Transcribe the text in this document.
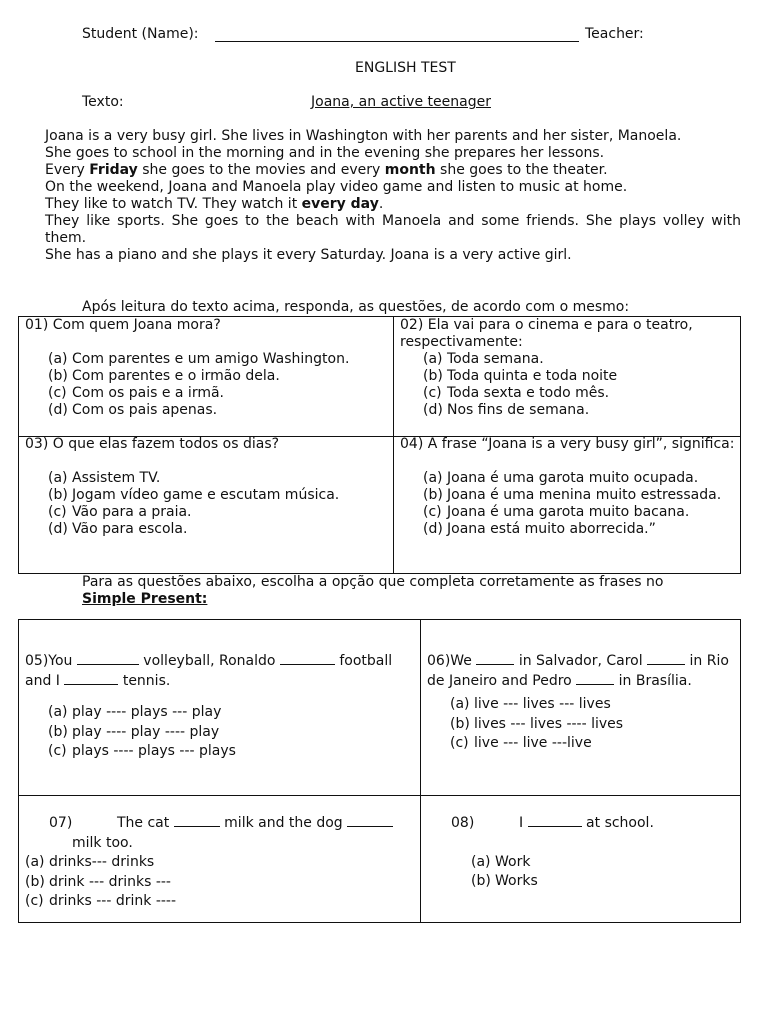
Student (Name):	Teacher:
ENGLISH TEST
Texto:	Joana, an active teenager

Joana is a very busy girl. She lives in Washington with her parents and her sister, Manoela.

She goes to school in the morning and in the evening she prepares her lessons.

Every Friday she goes to the movies and every month she goes to the theater.

On the weekend, Joana and Manoela play video game and listen to music at home.

They like to watch TV. They watch it every day.

They like sports. She goes to the beach with Manoela and some friends. She plays volley with them.

She has a piano and she plays it every Saturday. Joana is a very active girl.

Após leitura do texto acima, responda, as questões, de acordo com o mesmo:
01) Com quem Joana mora?
(a) Com parentes e um amigo Washington.
(b) Com parentes e o irmão dela.
(c) Com os pais e a irmã.
(d) Com os pais apenas.
02) Ela vai para o cinema e para o teatro, respectivamente:
(a) Toda semana.
(b) Toda quinta e toda noite
(c) Toda sexta e todo mês.
(d) Nos fins de semana.
03) O que elas fazem todos os dias?
(a) Assistem TV.
(b) Jogam vídeo game e escutam música.
(c) Vão para a praia.
(d) Vão para escola.
04) A frase “Joana is a very busy girl”, significa:
(a) Joana é uma garota muito ocupada.
(b) Joana é uma menina muito estressada.
(c) Joana é uma garota muito bacana.
(d) Joana está muito aborrecida.”
Para as questões abaixo, escolha a opção que completa corretamente as frases no
Simple Present:
05)You	volleyball, Ronaldo	football and I	tennis.
(a) play ---- plays --- play
(b) play ---- play ---- play
(c) plays ---- plays --- plays
06)We	in Salvador, Carol	in Rio de Janeiro and Pedro	in Brasília.
(a) live --- lives --- lives
(b) lives --- lives ---- lives
(c) live --- live ---live
07)	The cat	milk and the dog  milk too.
(a) drinks--- drinks
(b) drink --- drinks ---
(c) drinks --- drink ----
08)	I	at school.
(a) Work
(b) Works
